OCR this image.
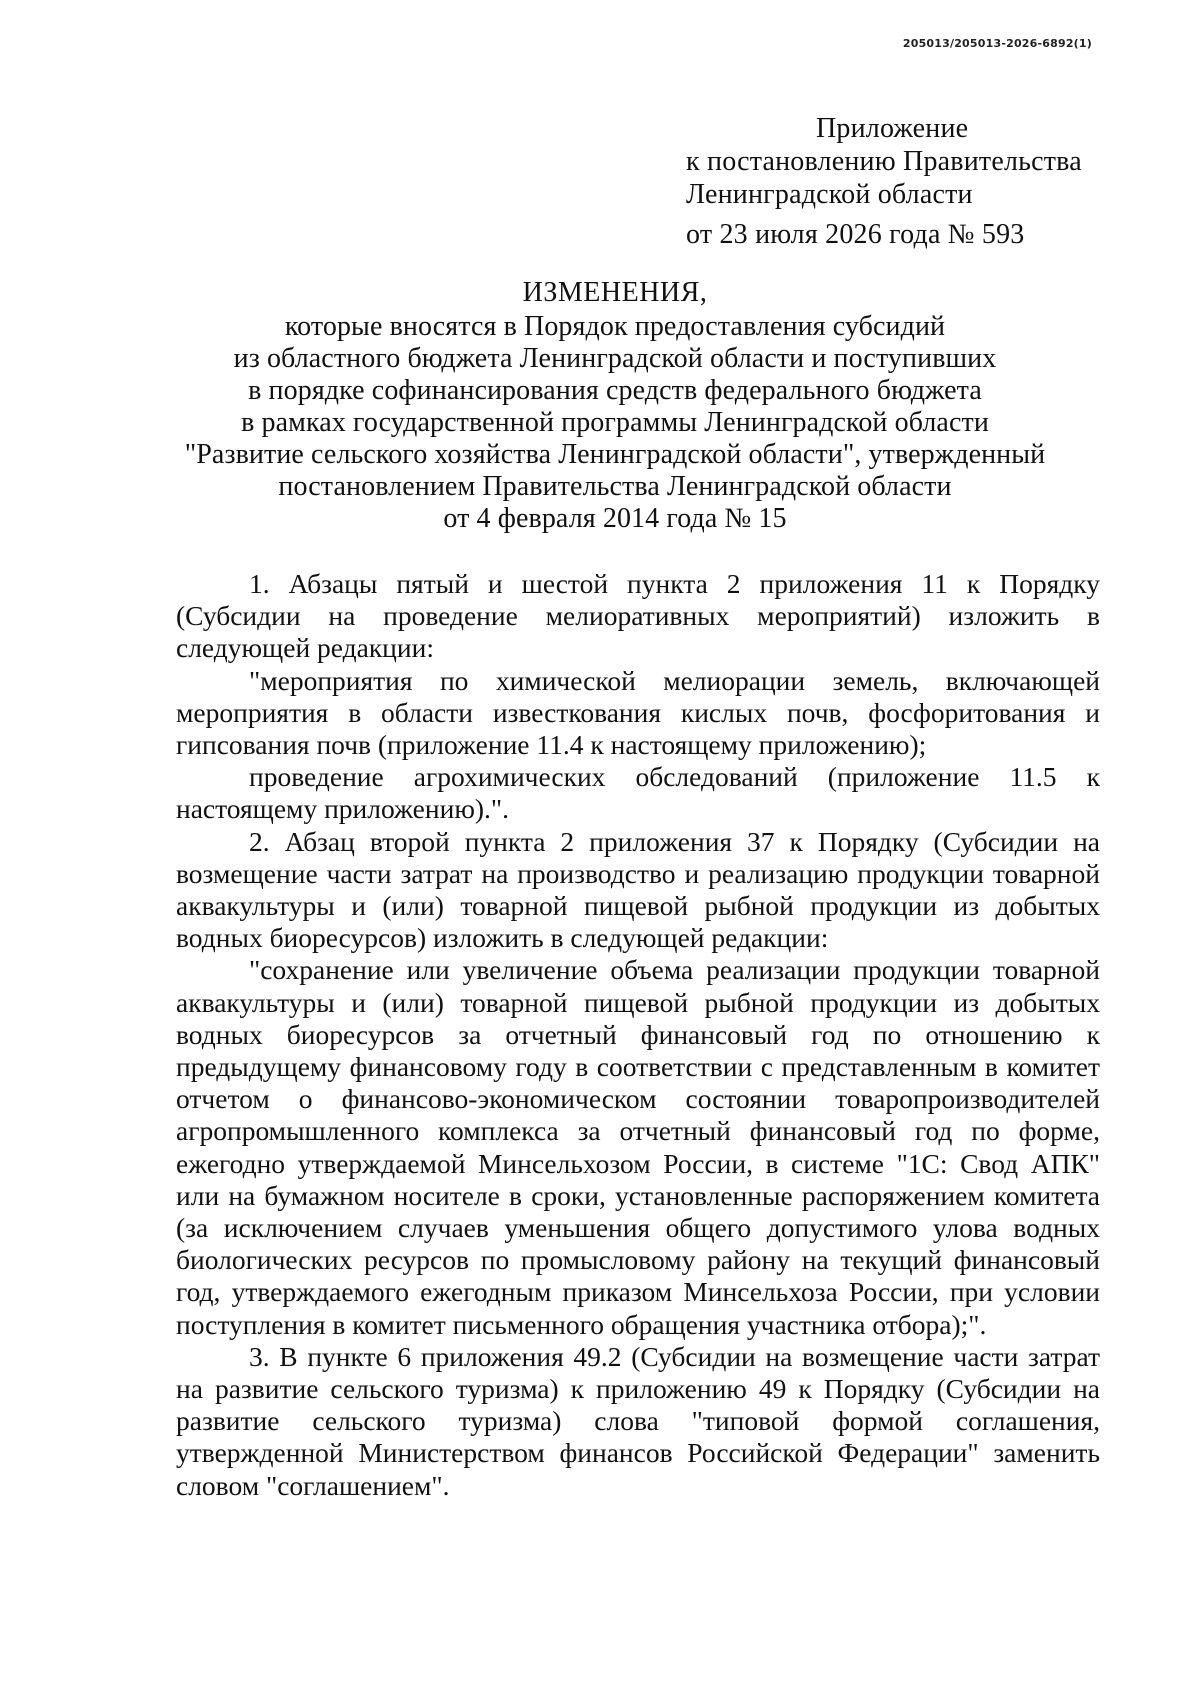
205013/205013-2026-6892(1)
Приложение
к постановлению Правительства
Ленинградской области
от 23 июля 2026 года № 593
ИЗМЕНЕНИЯ,
которые вносятся в Порядок предоставления субсидий
из областного бюджета Ленинградской области и поступивших
в порядке софинансирования средств федерального бюджета
в рамках государственной программы Ленинградской области
"Развитие сельского хозяйства Ленинградской области", утвержденный
постановлением Правительства Ленинградской области
от 4 февраля 2014 года № 15

1. Абзацы пятый и шестой пункта 2 приложения 11 к Порядку (Субсидии на проведение мелиоративных мероприятий) изложить в следующей редакции:

"мероприятия по химической мелиорации земель, включающей мероприятия в области известкования кислых почв, фосфоритования и гипсования почв (приложение 11.4 к настоящему приложению);

проведение агрохимических обследований (приложение 11.5 к настоящему приложению).".

2. Абзац второй пункта 2 приложения 37 к Порядку (Субсидии на возмещение части затрат на производство и реализацию продукции товарной аквакультуры и (или) товарной пищевой рыбной продукции из добытых водных биоресурсов) изложить в следующей редакции:

"сохранение или увеличение объема реализации продукции товарной аквакультуры и (или) товарной пищевой рыбной продукции из добытых водных биоресурсов за отчетный финансовый год по отношению к предыдущему финансовому году в соответствии с представленным в комитет отчетом о финансово-экономическом состоянии товаропроизводителей агропромышленного комплекса за отчетный финансовый год по форме, ежегодно утверждаемой Минсельхозом России, в системе "1С: Свод АПК" или на бумажном носителе в сроки, установленные распоряжением комитета (за исключением случаев уменьшения общего допустимого улова водных биологических ресурсов по промысловому району на текущий финансовый год, утверждаемого ежегодным приказом Минсельхоза России, при условии поступления в комитет письменного обращения участника отбора);".

3. В пункте 6 приложения 49.2 (Субсидии на возмещение части затрат на развитие сельского туризма) к приложению 49 к Порядку (Субсидии на развитие сельского туризма) слова "типовой формой соглашения, утвержденной Министерством финансов Российской Федерации" заменить словом "соглашением".
